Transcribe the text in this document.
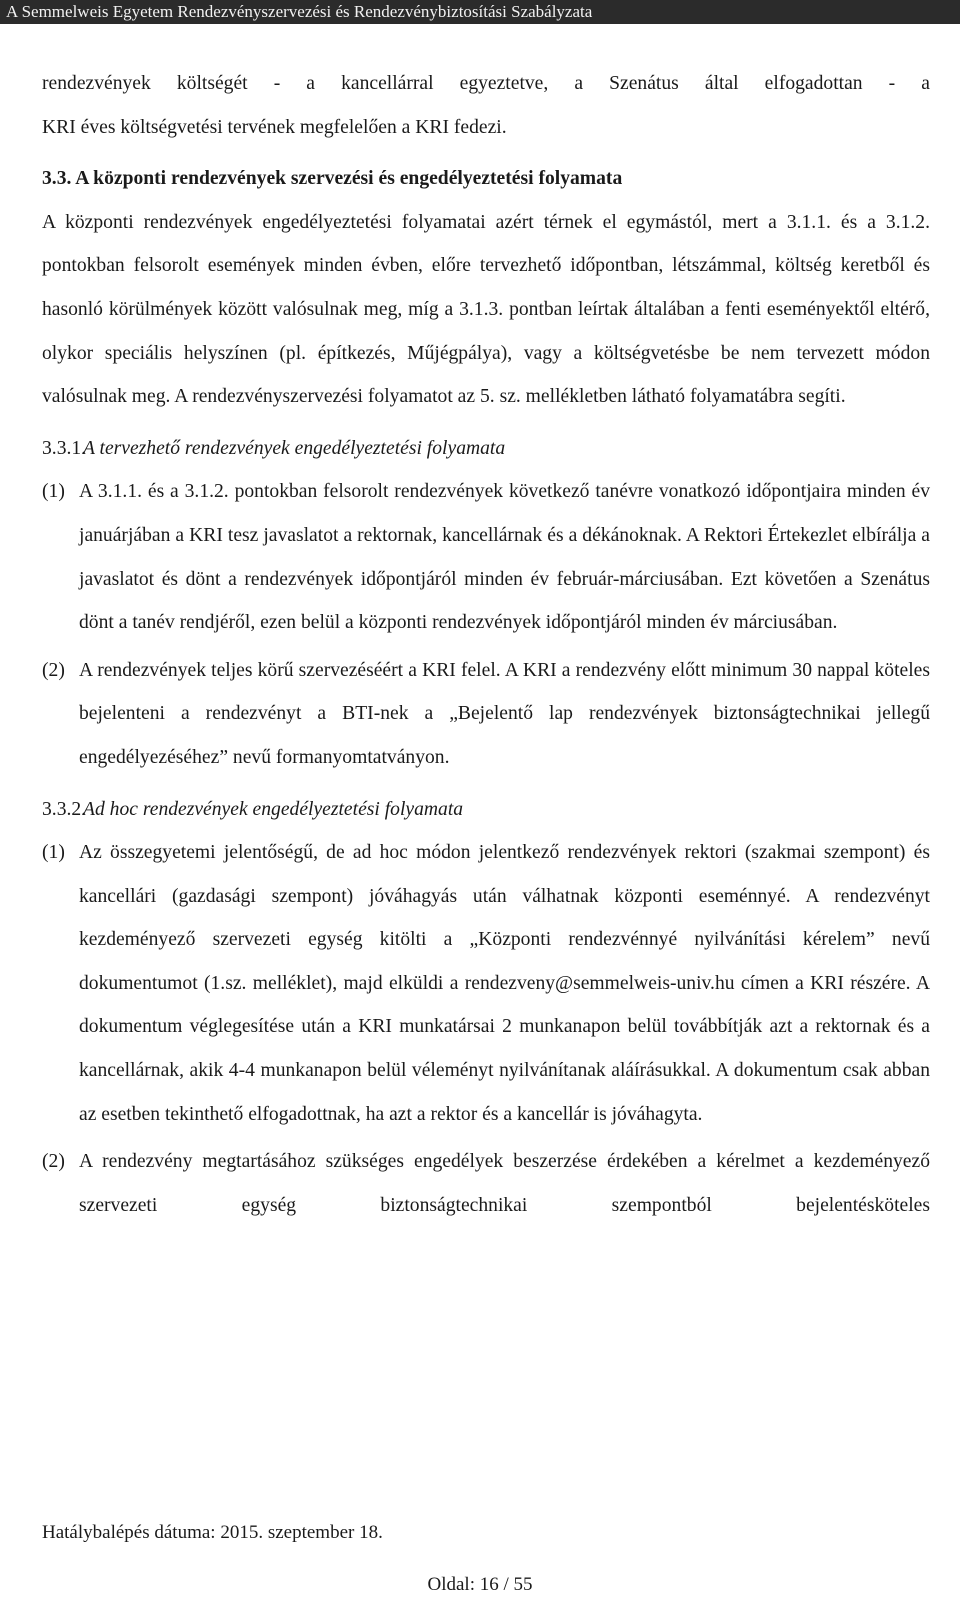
A Semmelweis Egyetem Rendezvényszervezési és Rendezvénybiztosítási Szabályzata

rendezvények költségét - a kancellárral egyeztetve, a Szenátus által elfogadottan - a

KRI éves költségvetési tervének megfelelően a KRI fedezi.

3.3. A központi rendezvények szervezési és engedélyeztetési folyamata

A központi rendezvények engedélyeztetési folyamatai azért térnek el egymástól, mert a 3.1.1. és a 3.1.2. pontokban felsorolt események minden évben, előre tervezhető időpontban, létszámmal, költség keretből és hasonló körülmények között valósulnak meg, míg a 3.1.3. pontban leírtak általában a fenti eseményektől eltérő, olykor speciális helyszínen (pl. építkezés, Műjégpálya), vagy a költségvetésbe be nem tervezett módon valósulnak meg. A rendezvényszervezési folyamatot az 5. sz. mellékletben látható folyamatábra segíti.

3.3.1.
A tervezhető rendezvények engedélyeztetési folyamata
(1) A 3.1.1. és a 3.1.2. pontokban felsorolt rendezvények következő tanévre vonatkozó időpontjaira minden év januárjában a KRI tesz javaslatot a rektornak, kancellárnak és a dékánoknak. A Rektori Értekezlet elbírálja a javaslatot és dönt a rendezvények időpontjáról minden év február-márciusában. Ezt követően a Szenátus dönt a tanév rendjéről, ezen belül a központi rendezvények időpontjáról minden év márciusában.
(2) A rendezvények teljes körű szervezéséért a KRI felel. A KRI a rendezvény előtt minimum 30 nappal köteles bejelenteni a rendezvényt a BTI-nek a „Bejelentő lap rendezvények biztonságtechnikai jellegű engedélyezéséhez” nevű formanyomtatványon.
3.3.2.
Ad hoc rendezvények engedélyeztetési folyamata
(1) Az összegyetemi jelentőségű, de ad hoc módon jelentkező rendezvények rektori (szakmai szempont) és kancellári (gazdasági szempont) jóváhagyás után válhatnak központi eseménnyé. A rendezvényt kezdeményező szervezeti egység kitölti a „Központi rendezvénnyé nyilvánítási kérelem” nevű dokumentumot (1.sz. melléklet), majd elküldi a rendezveny@semmelweis-univ.hu címen a KRI részére. A dokumentum véglegesítése után a KRI munkatársai 2 munkanapon belül továbbítják azt a rektornak és a kancellárnak, akik 4-4 munkanapon belül véleményt nyilvánítanak aláírásukkal. A dokumentum csak abban az esetben tekinthető elfogadottnak, ha azt a rektor és a kancellár is jóváhagyta.
(2) A rendezvény megtartásához szükséges engedélyek beszerzése érdekében a kérelmet a kezdeményező szervezeti egység biztonságtechnikai szempontból bejelentésköteles
Hatálybalépés dátuma: 2015. szeptember 18.
Oldal: 16 / 55
